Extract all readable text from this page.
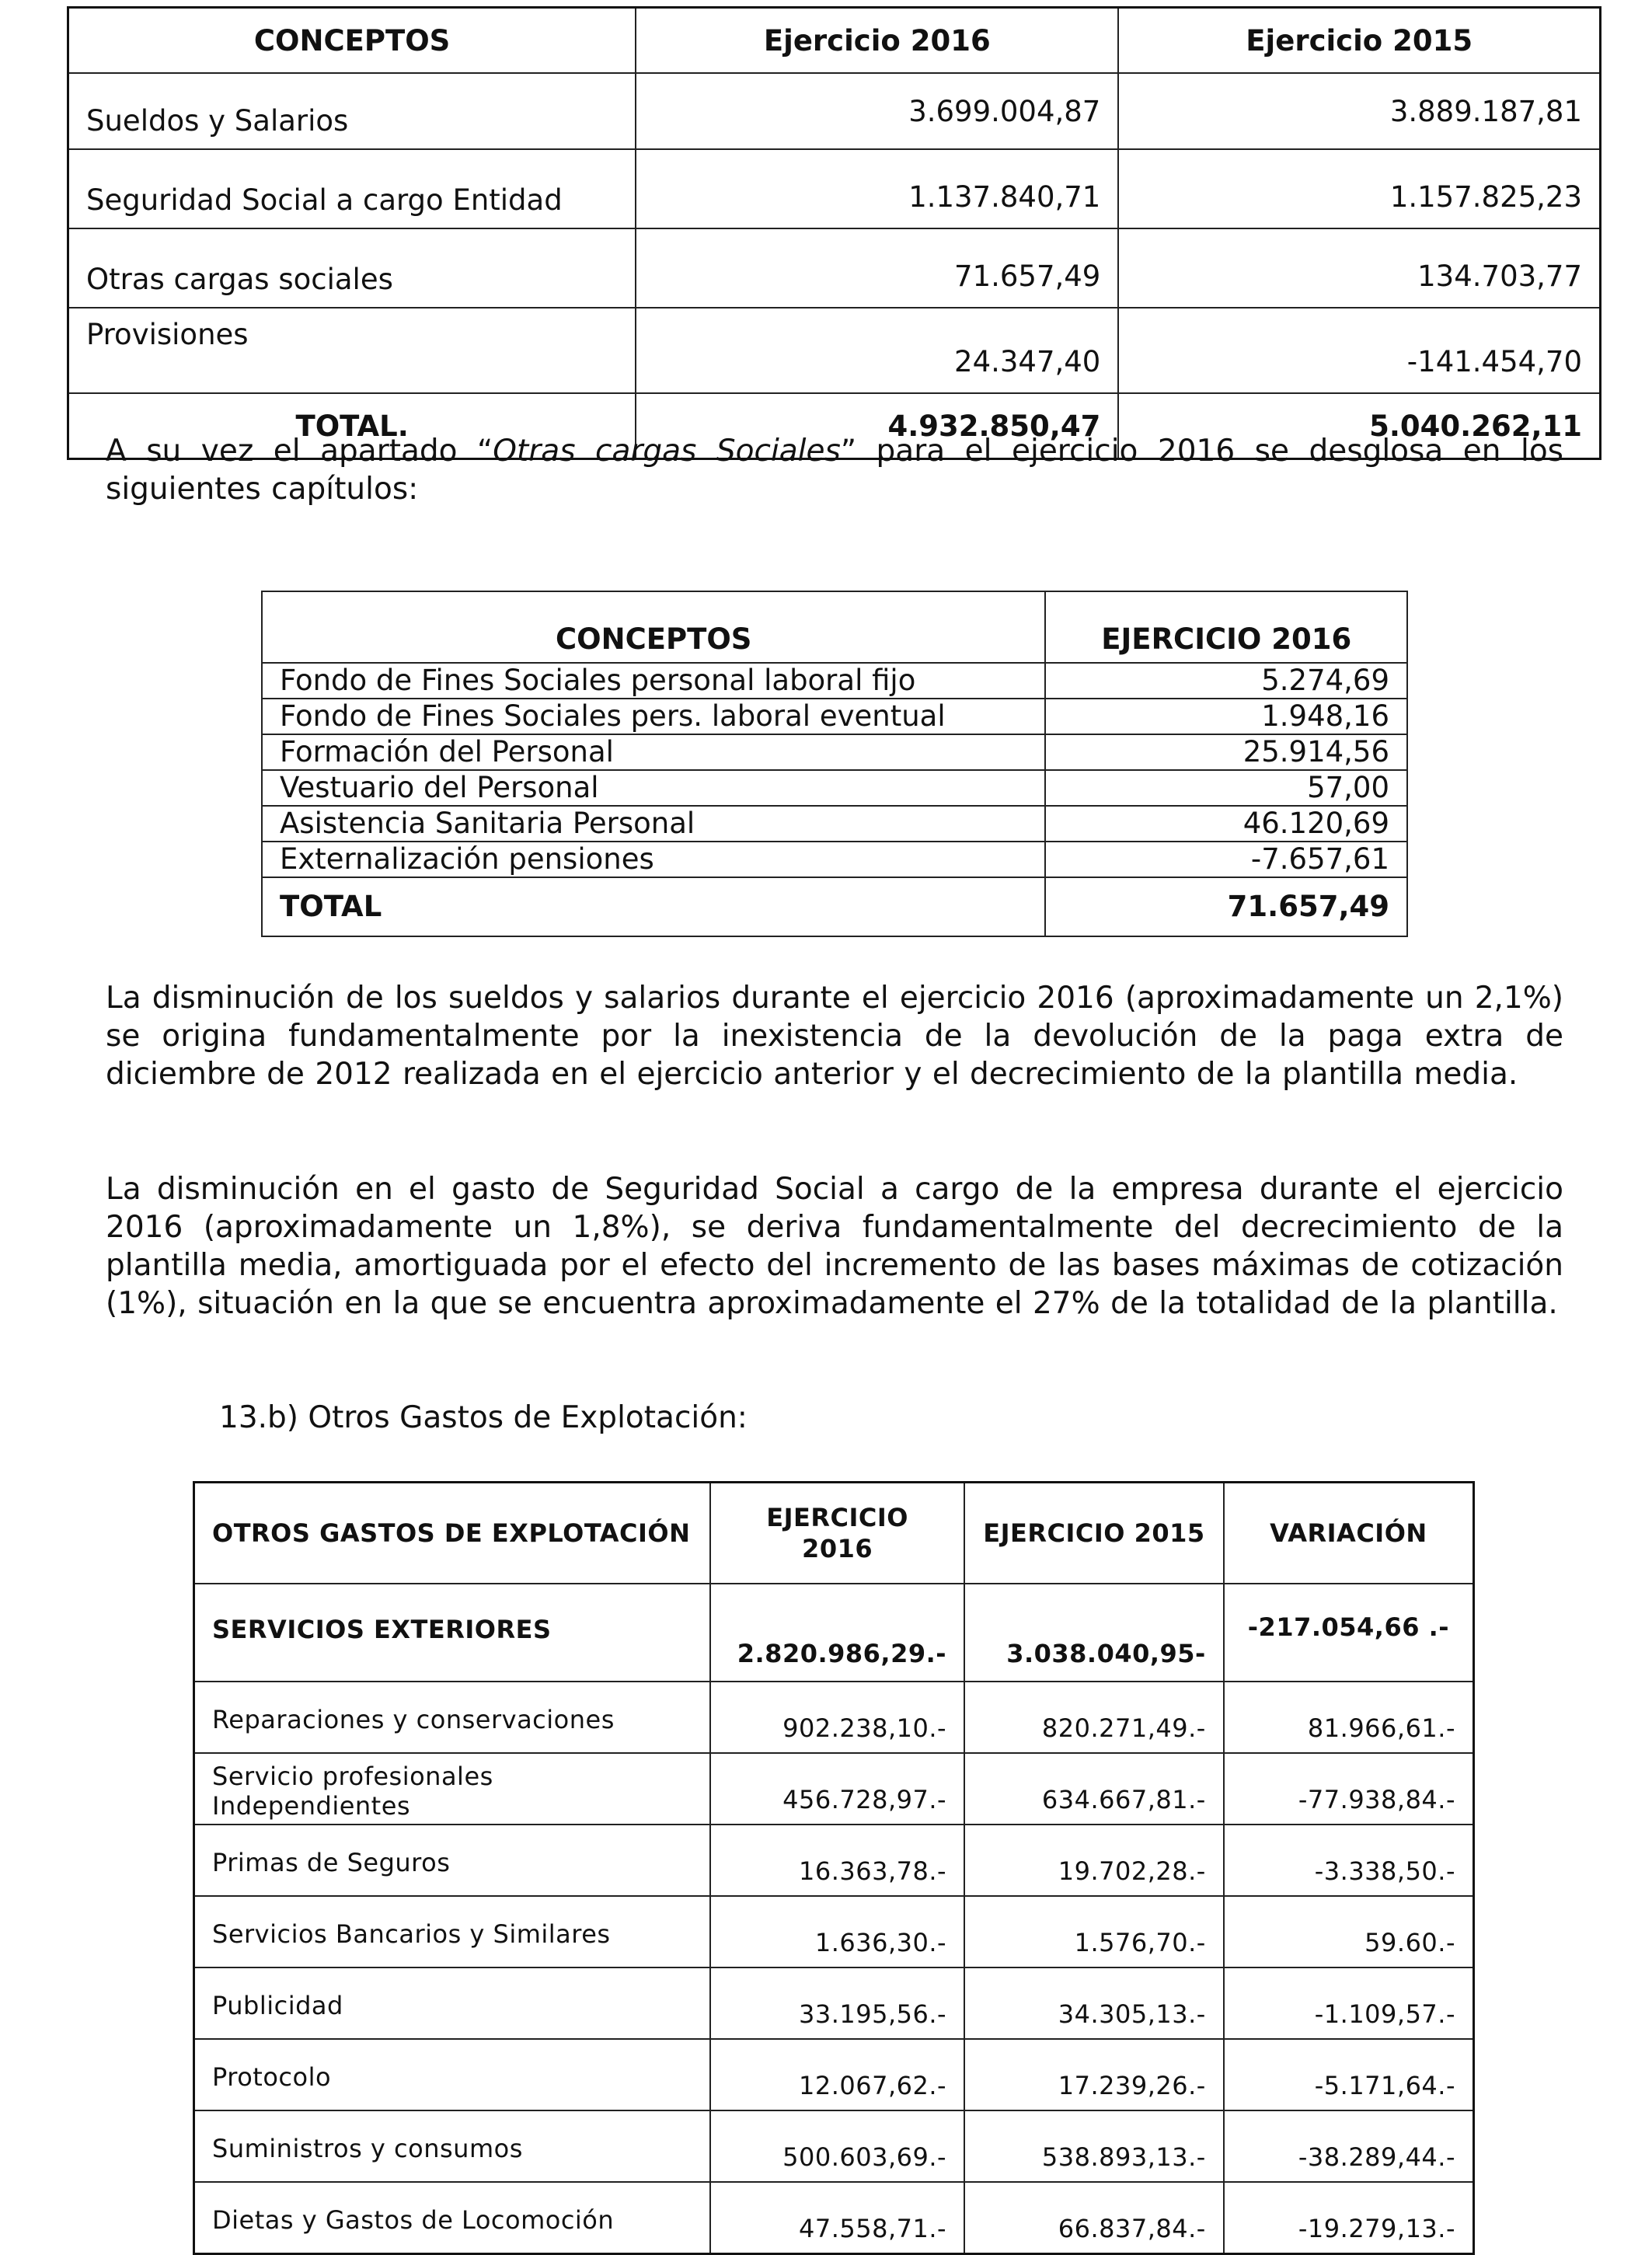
CONCEPTOS	Ejercicio 2016	Ejercicio 2015
Sueldos y Salarios	3.699.004,87	3.889.187,81
Seguridad Social a cargo Entidad	1.137.840,71	1.157.825,23
Otras cargas sociales	71.657,49	134.703,77
Provisiones	24.347,40	-141.454,70
TOTAL.	4.932.850,47	5.040.262,11

A su vez el apartado “Otras cargas Sociales” para el ejercicio 2016 se desglosa en los siguientes capítulos:

CONCEPTOS	EJERCICIO 2016
Fondo de Fines Sociales personal laboral fijo	5.274,69
Fondo de Fines Sociales pers. laboral eventual	1.948,16
Formación del Personal	25.914,56
Vestuario del Personal	57,00
Asistencia Sanitaria Personal	46.120,69
Externalización pensiones	-7.657,61
TOTAL	71.657,49

La disminución de los sueldos y salarios durante el ejercicio 2016 (aproximadamente un 2,1%) se origina fundamentalmente por la inexistencia de la devolución de la paga extra de diciembre de 2012 realizada en el ejercicio anterior y el decrecimiento de la plantilla media.

La disminución en el gasto de Seguridad Social a cargo de la empresa durante el ejercicio 2016 (aproximadamente un 1,8%), se deriva fundamentalmente del decrecimiento de la plantilla media, amortiguada por el efecto del incremento de las bases máximas de cotización (1%), situación en la que se encuentra aproximadamente el 27% de la totalidad de la plantilla.

13.b) Otros Gastos de Explotación:

OTROS GASTOS DE EXPLOTACIÓN	EJERCICIO 2016	EJERCICIO 2015	VARIACIÓN
SERVICIOS EXTERIORES	2.820.986,29.-	3.038.040,95-	-217.054,66 .-
Reparaciones y conservaciones	902.238,10.-	820.271,49.-	81.966,61.-
Servicio profesionales Independientes	456.728,97.-	634.667,81.-	-77.938,84.-
Primas de Seguros	16.363,78.-	19.702,28.-	-3.338,50.-
Servicios Bancarios y Similares	1.636,30.-	1.576,70.-	59.60.-
Publicidad	33.195,56.-	34.305,13.-	-1.109,57.-
Protocolo	12.067,62.-	17.239,26.-	-5.171,64.-
Suministros y consumos	500.603,69.-	538.893,13.-	-38.289,44.-
Dietas y Gastos de Locomoción	47.558,71.-	66.837,84.-	-19.279,13.-
